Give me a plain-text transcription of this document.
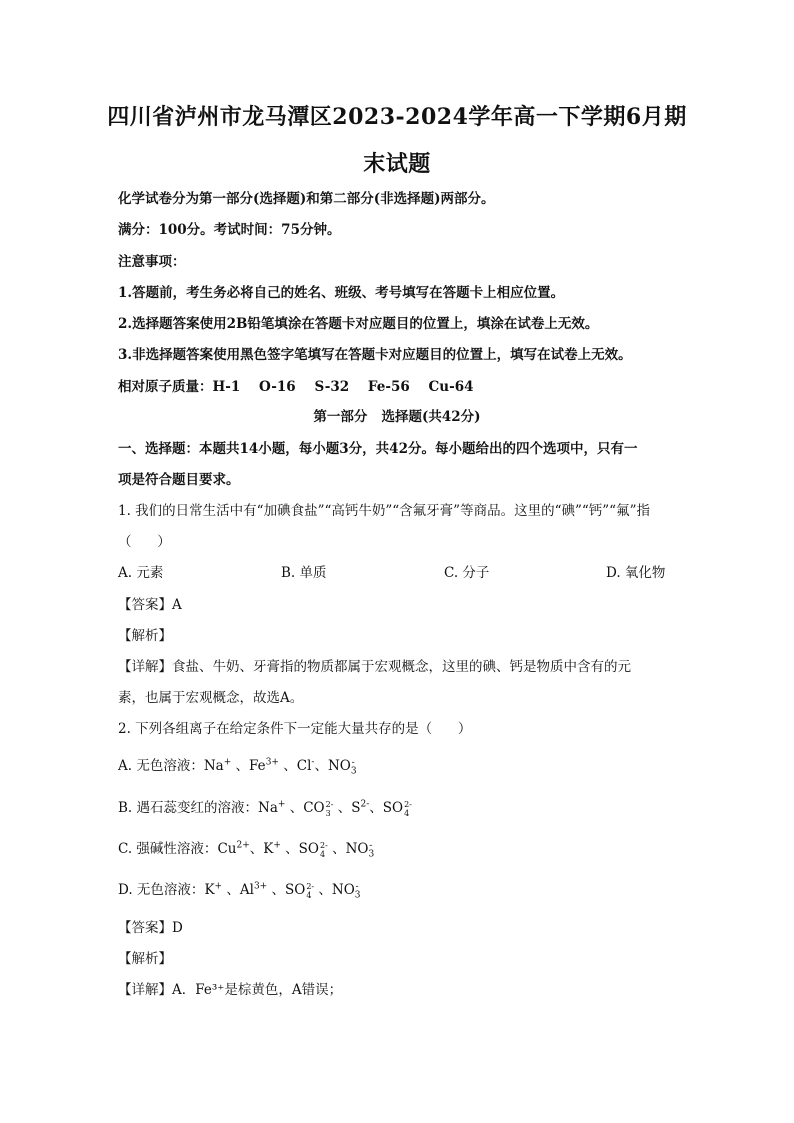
四川省泸州市龙马潭区2023-2024学年高一下学期6月期
末试题
化学试卷分为第一部分(选择题)和第二部分(非选择题)两部分。
满分：100分。考试时间：75分钟。
注意事项：
1.答题前，考生务必将自己的姓名、班级、考号填写在答题卡上相应位置。
2.选择题答案使用2B铅笔填涂在答题卡对应题目的位置上，填涂在试卷上无效。
3.非选择题答案使用黑色签字笔填写在答题卡对应题目的位置上，填写在试卷上无效。
相对原子质量：H-1    O-16    S-32    Fe-56    Cu-64
第一部分   选择题(共42分)
一、选择题：本题共14小题，每小题3分，共42分。每小题给出的四个选项中，只有一
项是符合题目要求。
1. 我们的日常生活中有“加碘食盐”“高钙牛奶”“含氟牙膏”等商品。这里的“碘”“钙”“氟”指
（      ）
A. 元素	B. 单质	C. 分子	D. 氧化物
【答案】A
【解析】
【详解】食盐、牛奶、牙膏指的物质都属于宏观概念，这里的碘、钙是物质中含有的元
素，也属于宏观概念，故选A。
2. 下列各组离子在给定条件下一定能大量共存的是（      ）
A. 无色溶液：Na+ 、$Fe^{3+}$ 、Cl-、$NO_3^-$
B. 遇石蕊变红的溶液：Na+ 、CO 2-
3 、$S^{2-}$、SO 2-
4
C. 强碱性溶液：$Cu^{2+}$、K+ 、SO 2-
4 、$NO_3^-$
D. 无色溶液：K+ 、$Al^{3+}$ 、SO 2-
4 、$NO_3^-$
【答案】D
【解析】
【详解】A．Fe³⁺是棕黄色，A错误；
